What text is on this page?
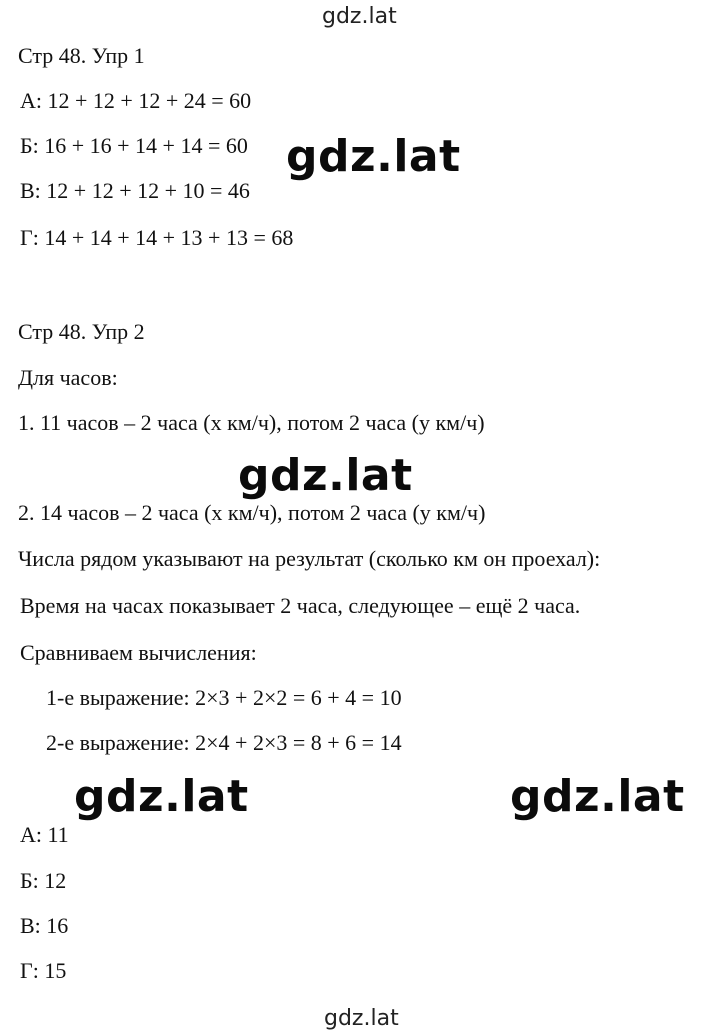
gdz.lat
Стр 48. Упр 1
А: 12 + 12 + 12 + 24 = 60
Б: 16 + 16 + 14 + 14 = 60
В: 12 + 12 + 12 + 10 = 46
Г: 14 + 14 + 14 + 13 + 13 = 68
Стр 48. Упр 2
Для часов:
1. 11 часов – 2 часа (x км/ч), потом 2 часа (y км/ч)
2. 14 часов – 2 часа (x км/ч), потом 2 часа (y км/ч)
Числа рядом указывают на результат (сколько км он проехал):
Время на часах показывает 2 часа, следующее – ещё 2 часа.
Сравниваем вычисления:
1-е выражение: 2×3 + 2×2 = 6 + 4 = 10
2-е выражение: 2×4 + 2×3 = 8 + 6 = 14
А: 11
Б: 12
В: 16
Г: 15
gdz.lat
gdz.lat
gdz.lat	gdz.lat
gdz.lat
